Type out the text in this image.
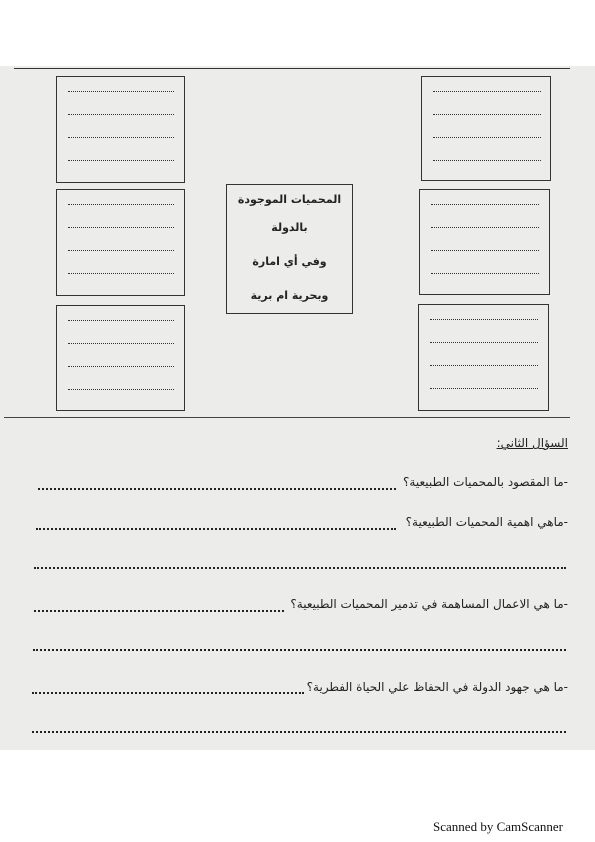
المحميات الموجودة
بالدولة
وفي أي امارة
وبحرية ام برية
السؤال الثاني:
-ما المقصود بالمحميات الطبيعية؟
-ماهي اهمية المحميات الطبيعية؟
-ما هي الاعمال المساهمة في تدمير المحميات الطبيعية؟
-ما هي جهود الدولة في الحفاظ علي الحياة الفطرية؟
Scanned by CamScanner
